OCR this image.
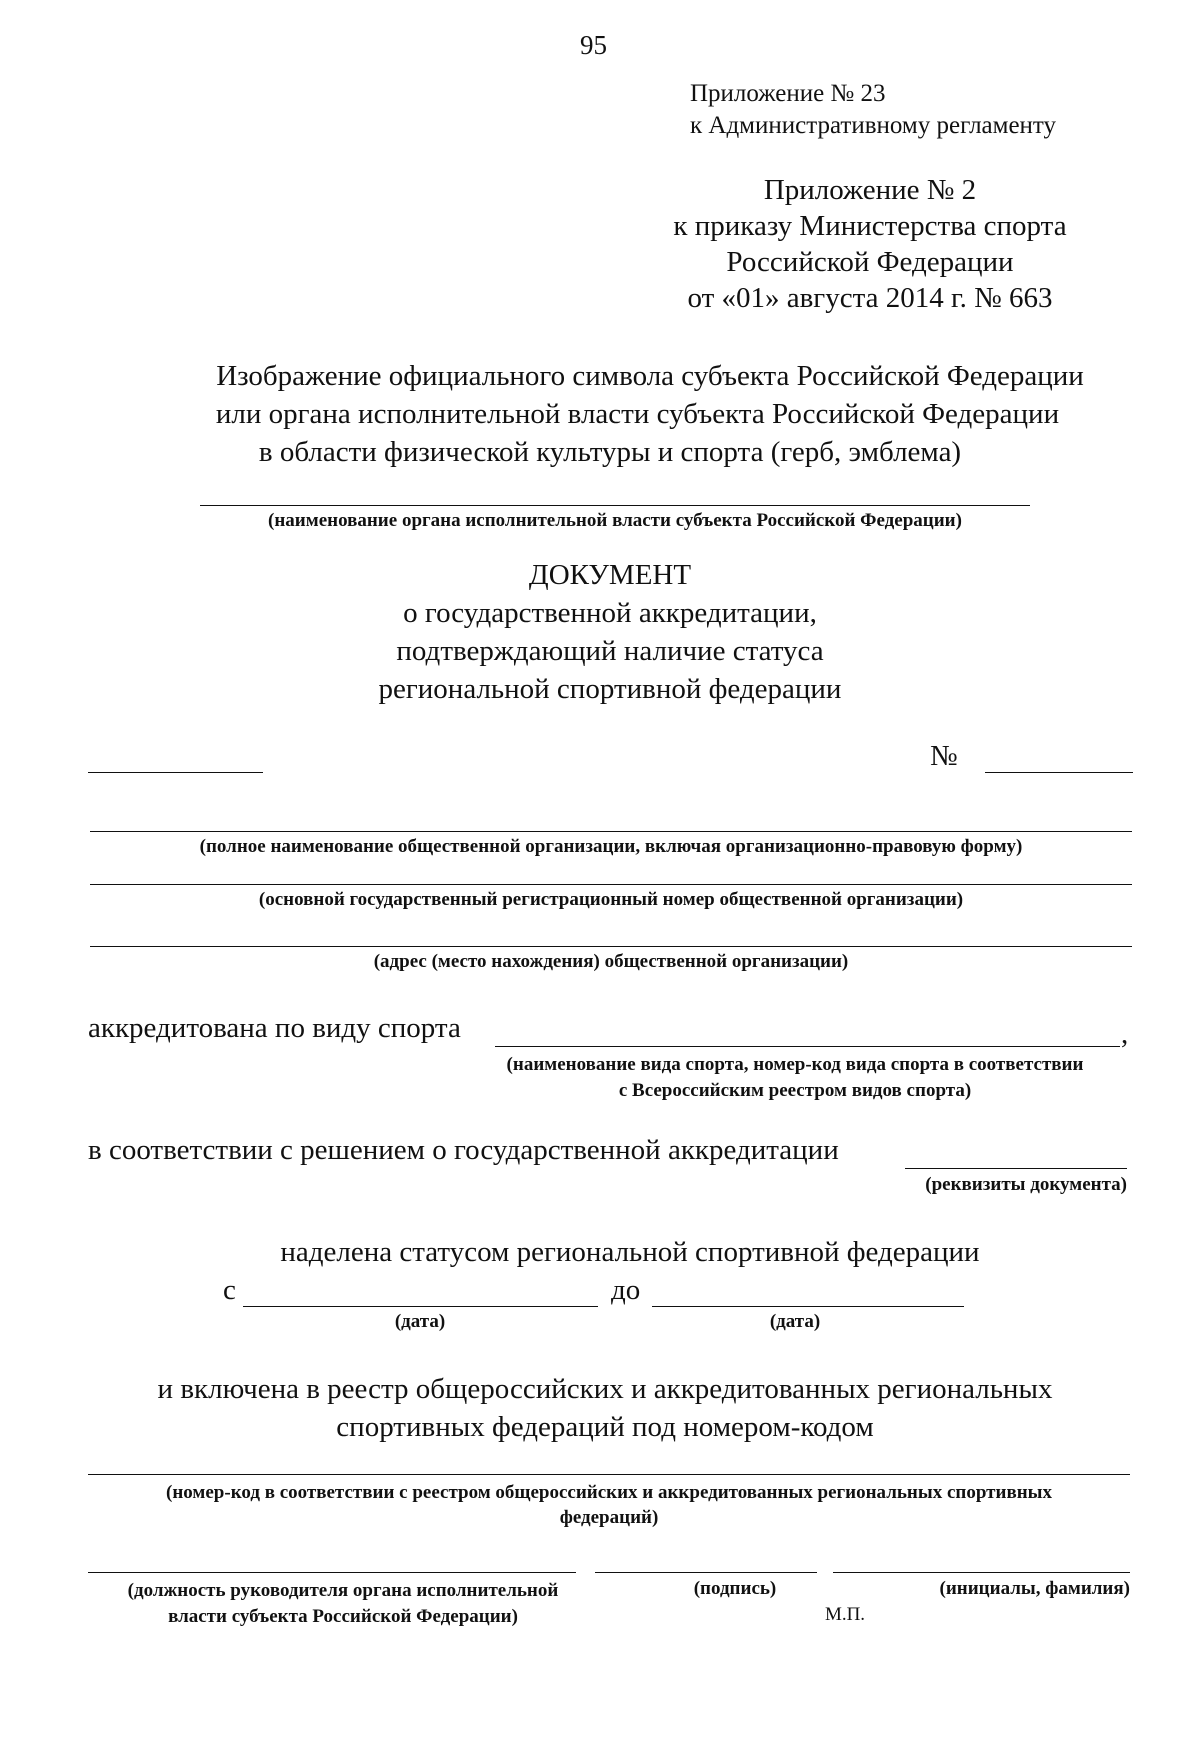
95
Приложение № 23
к Административному регламенту
Приложение № 2
к приказу Министерства спорта
Российской Федерации
от «01» августа 2014 г. № 663
Изображение официального символа субъекта Российской Федерации
или органа исполнительной власти субъекта Российской Федерации
в области физической культуры и спорта (герб, эмблема)
(наименование органа исполнительной власти субъекта Российской Федерации)
ДОКУМЕНТ
о государственной аккредитации,
подтверждающий наличие статуса
региональной спортивной федерации
№
(полное наименование общественной организации, включая организационно-правовую форму)
(основной государственный регистрационный номер общественной организации)
(адрес (место нахождения) общественной организации)
аккредитована по виду спорта	,
(наименование вида спорта, номер-код вида спорта в соответствии
с Всероссийским реестром видов спорта)
в соответствии с решением о государственной аккредитации
(реквизиты документа)
наделена статусом региональной спортивной федерации
с	до
(дата)	(дата)
и включена в реестр общероссийских и аккредитованных региональных
спортивных федераций под номером-кодом
(номер-код в соответствии с реестром общероссийских и аккредитованных региональных спортивных
федераций)
(должность руководителя органа исполнительной
власти субъекта Российской Федерации)
(подпись)	(инициалы, фамилия)
М.П.
